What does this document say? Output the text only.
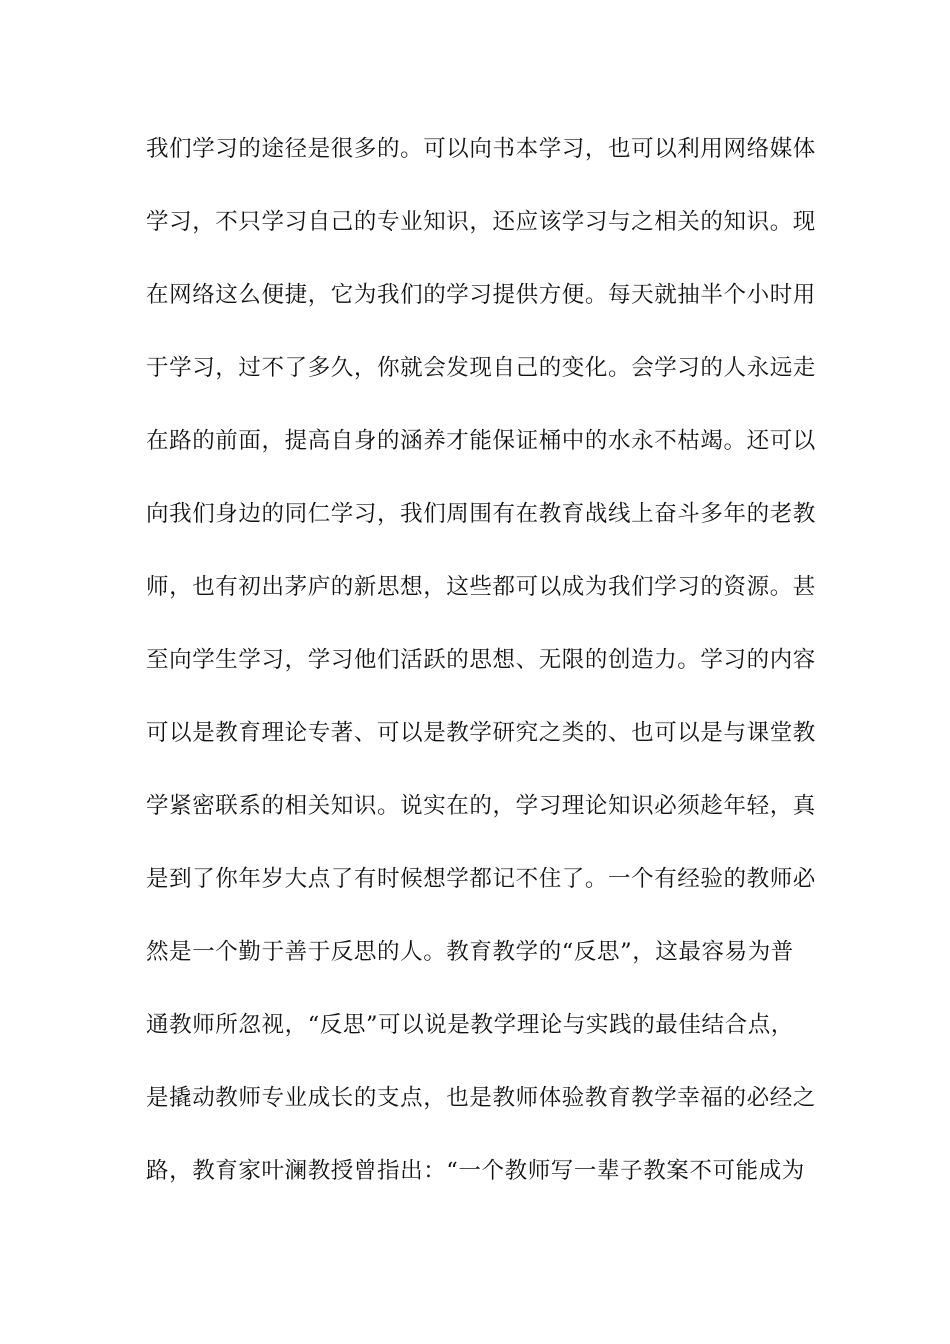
我们学习的途径是很多的。可以向书本学习，也可以利用网络媒体
学习，不只学习自己的专业知识，还应该学习与之相关的知识。现
在网络这么便捷，它为我们的学习提供方便。每天就抽半个小时用
于学习，过不了多久，你就会发现自己的变化。会学习的人永远走
在路的前面，提高自身的涵养才能保证桶中的水永不枯竭。还可以
向我们身边的同仁学习，我们周围有在教育战线上奋斗多年的老教
师，也有初出茅庐的新思想，这些都可以成为我们学习的资源。甚
至向学生学习，学习他们活跃的思想、无限的创造力。学习的内容
可以是教育理论专著、可以是教学研究之类的、也可以是与课堂教
学紧密联系的相关知识。说实在的，学习理论知识必须趁年轻，真
是到了你年岁大点了有时候想学都记不住了。一个有经验的教师必
然是一个勤于善于反思的人。教育教学的“反思”，这最容易为普
通教师所忽视，“反思”可以说是教学理论与实践的最佳结合点，
是撬动教师专业成长的支点，也是教师体验教育教学幸福的必经之
路，教育家叶澜教授曾指出：“一个教师写一辈子教案不可能成为
